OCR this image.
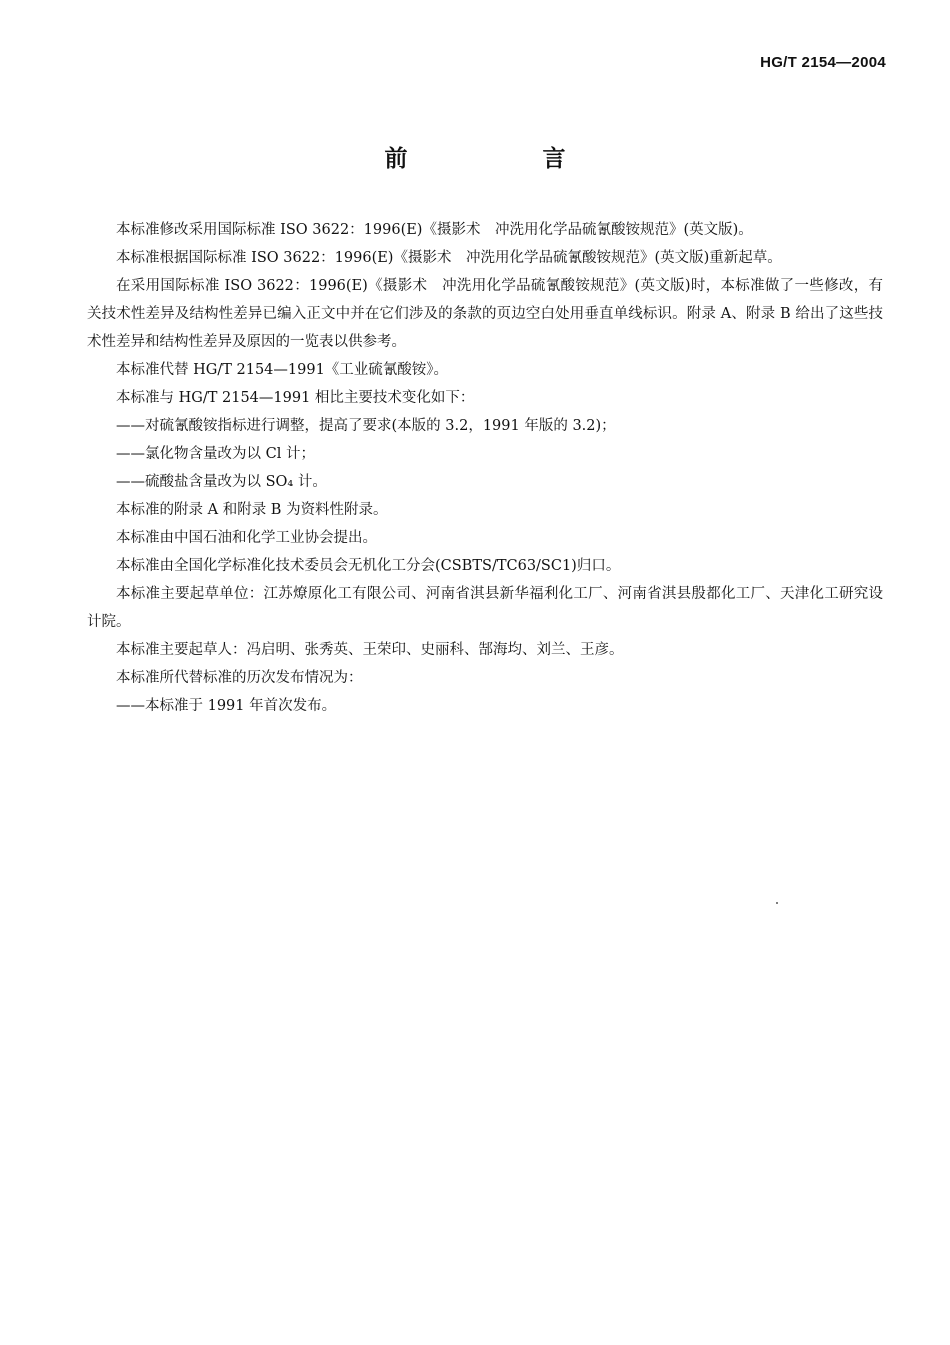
HG/T 2154—2004
前　言

本标准修改采用国际标准 ISO 3622：1996(E)《摄影术　冲洗用化学品硫氰酸铵规范》(英文版)。

本标准根据国际标准 ISO 3622：1996(E)《摄影术　冲洗用化学品硫氰酸铵规范》(英文版)重新起草。

在采用国际标准 ISO 3622：1996(E)《摄影术　冲洗用化学品硫氰酸铵规范》(英文版)时，本标准做了一些修改，有关技术性差异及结构性差异已编入正文中并在它们涉及的条款的页边空白处用垂直单线标识。附录 A、附录 B 给出了这些技术性差异和结构性差异及原因的一览表以供参考。

本标准代替 HG/T 2154—1991《工业硫氰酸铵》。

本标准与 HG/T 2154—1991 相比主要技术变化如下：

——对硫氰酸铵指标进行调整，提高了要求(本版的 3.2，1991 年版的 3.2)；

——氯化物含量改为以 Cl 计；

——硫酸盐含量改为以 SO₄ 计。

本标准的附录 A 和附录 B 为资料性附录。

本标准由中国石油和化学工业协会提出。

本标准由全国化学标准化技术委员会无机化工分会(CSBTS/TC63/SC1)归口。

本标准主要起草单位：江苏燎原化工有限公司、河南省淇县新华福利化工厂、河南省淇县殷都化工厂、天津化工研究设计院。

本标准主要起草人：冯启明、张秀英、王荣印、史丽科、郜海均、刘兰、王彦。

本标准所代替标准的历次发布情况为：

——本标准于 1991 年首次发布。
